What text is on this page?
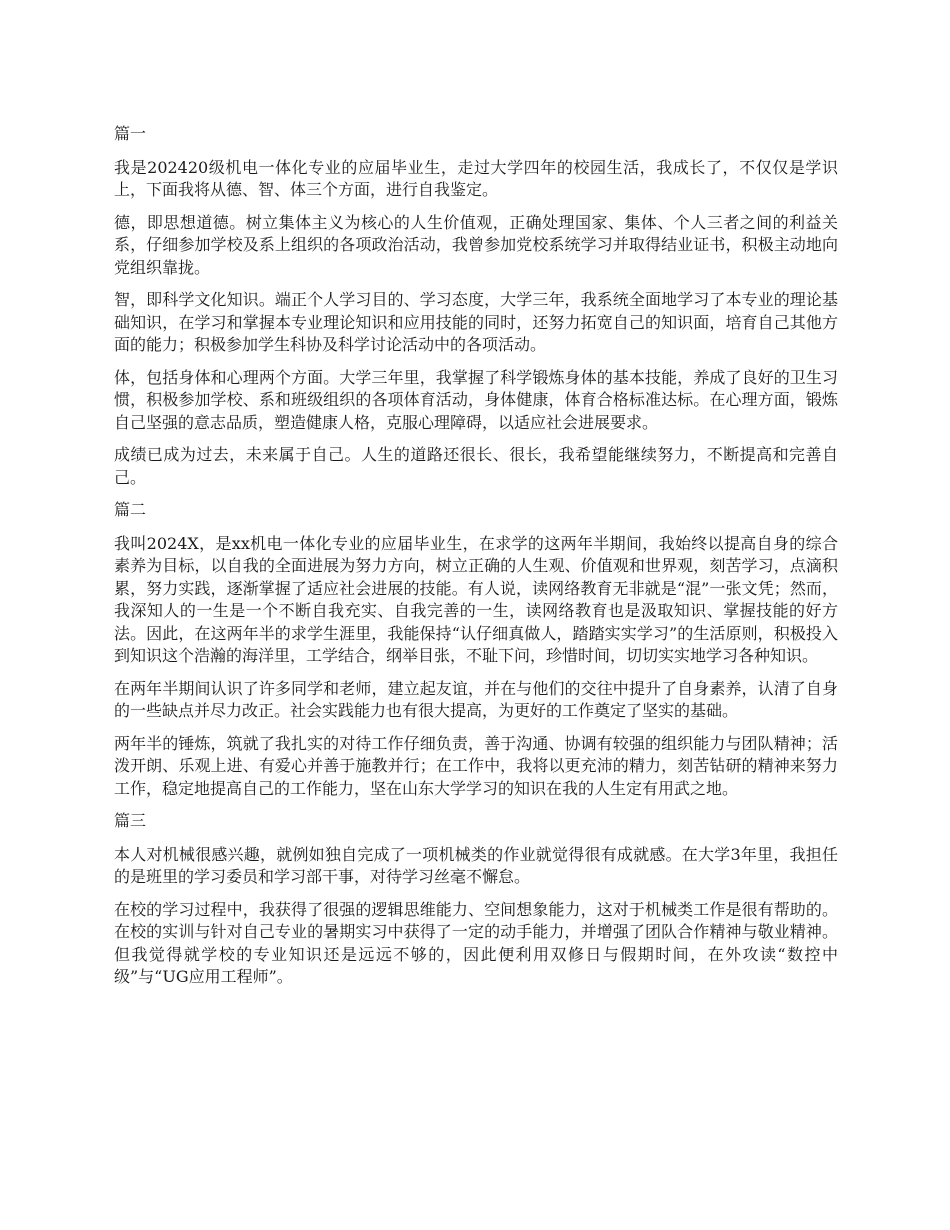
篇一

我是202420级机电一体化专业的应届毕业生，走过大学四年的校园生活，我成长了，不仅仅是学识上，下面我将从德、智、体三个方面，进行自我鉴定。

德，即思想道德。树立集体主义为核心的人生价值观，正确处理国家、集体、个人三者之间的利益关系，仔细参加学校及系上组织的各项政治活动，我曾参加党校系统学习并取得结业证书，积极主动地向党组织靠拢。

智，即科学文化知识。端正个人学习目的、学习态度，大学三年，我系统全面地学习了本专业的理论基础知识，在学习和掌握本专业理论知识和应用技能的同时，还努力拓宽自己的知识面，培育自己其他方面的能力；积极参加学生科协及科学讨论活动中的各项活动。

体，包括身体和心理两个方面。大学三年里，我掌握了科学锻炼身体的基本技能，养成了良好的卫生习惯，积极参加学校、系和班级组织的各项体育活动，身体健康，体育合格标准达标。在心理方面，锻炼自己坚强的意志品质，塑造健康人格，克服心理障碍，以适应社会进展要求。

成绩已成为过去，未来属于自己。人生的道路还很长、很长，我希望能继续努力，不断提高和完善自己。

篇二

我叫2024X，是xx机电一体化专业的应届毕业生，在求学的这两年半期间，我始终以提高自身的综合素养为目标，以自我的全面进展为努力方向，树立正确的人生观、价值观和世界观，刻苦学习，点滴积累，努力实践，逐渐掌握了适应社会进展的技能。有人说，读网络教育无非就是“混”一张文凭；然而，我深知人的一生是一个不断自我充实、自我完善的一生，读网络教育也是汲取知识、掌握技能的好方法。因此，在这两年半的求学生涯里，我能保持“认仔细真做人，踏踏实实学习”的生活原则，积极投入到知识这个浩瀚的海洋里，工学结合，纲举目张，不耻下问，珍惜时间，切切实实地学习各种知识。

在两年半期间认识了许多同学和老师，建立起友谊，并在与他们的交往中提升了自身素养，认清了自身的一些缺点并尽力改正。社会实践能力也有很大提高，为更好的工作奠定了坚实的基础。

两年半的锤炼，筑就了我扎实的对待工作仔细负责，善于沟通、协调有较强的组织能力与团队精神；活泼开朗、乐观上进、有爱心并善于施教并行；在工作中，我将以更充沛的精力，刻苦钻研的精神来努力工作，稳定地提高自己的工作能力，坚在山东大学学习的知识在我的人生定有用武之地。

篇三

本人对机械很感兴趣，就例如独自完成了一项机械类的作业就觉得很有成就感。在大学3年里，我担任的是班里的学习委员和学习部干事，对待学习丝毫不懈怠。

在校的学习过程中，我获得了很强的逻辑思维能力、空间想象能力，这对于机械类工作是很有帮助的。在校的实训与针对自己专业的暑期实习中获得了一定的动手能力，并增强了团队合作精神与敬业精神。但我觉得就学校的专业知识还是远远不够的，因此便利用双修日与假期时间，在外攻读“数控中级”与“UG应用工程师”。
